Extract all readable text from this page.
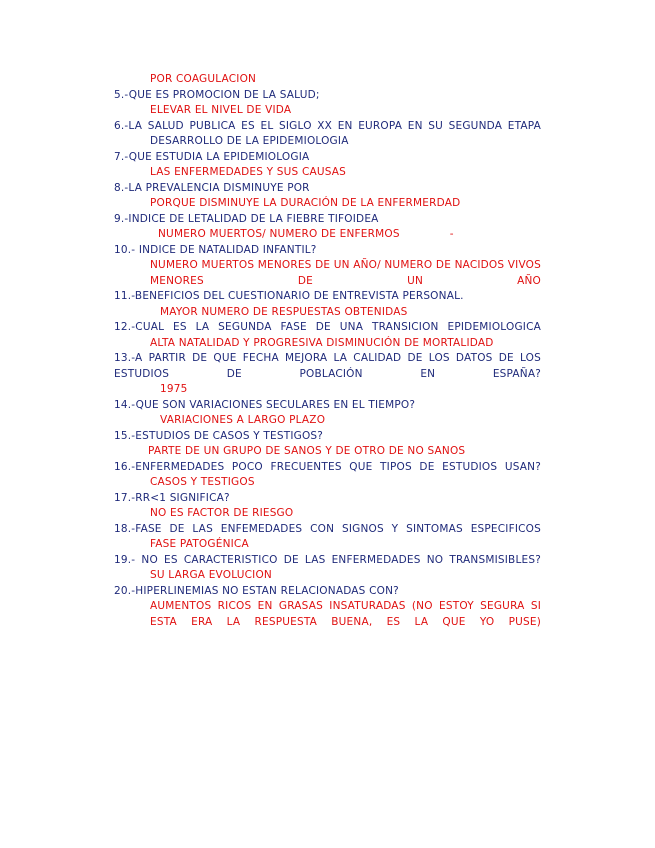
POR COAGULACION
5.-QUE ES PROMOCION DE LA SALUD;
ELEVAR EL NIVEL DE VIDA
6.-LA SALUD PUBLICA ES EL SIGLO XX EN EUROPA EN SU SEGUNDA ETAPA
DESARROLLO DE LA EPIDEMIOLOGIA
7.-QUE ESTUDIA LA EPIDEMIOLOGIA
LAS ENFERMEDADES Y SUS CAUSAS
8.-LA PREVALENCIA DISMINUYE POR
PORQUE DISMINUYE LA DURACIÓN DE LA ENFERMERDAD
9.-INDICE DE LETALIDAD DE LA FIEBRE TIFOIDEA
NUMERO MUERTOS/ NUMERO DE ENFERMOS	-
10.- INDICE DE NATALIDAD INFANTIL?
NUMERO MUERTOS MENORES DE UN AÑO/ NUMERO DE NACIDOS VIVOS MENORES DE UN AÑO
11.-BENEFICIOS DEL CUESTIONARIO DE ENTREVISTA PERSONAL.
MAYOR NUMERO DE RESPUESTAS OBTENIDAS
12.-CUAL ES LA SEGUNDA FASE DE UNA TRANSICION EPIDEMIOLOGICA
ALTA NATALIDAD Y PROGRESIVA DISMINUCIÓN DE MORTALIDAD
13.-A PARTIR DE QUE FECHA MEJORA LA CALIDAD DE LOS DATOS DE LOS ESTUDIOS DE POBLACIÓN EN ESPAÑA?
1975
14.-QUE SON VARIACIONES SECULARES EN EL TIEMPO?
VARIACIONES A LARGO PLAZO
15.-ESTUDIOS DE CASOS Y TESTIGOS?
PARTE DE UN GRUPO DE SANOS Y DE OTRO DE NO SANOS
16.-ENFERMEDADES POCO FRECUENTES QUE TIPOS DE ESTUDIOS USAN?
CASOS Y TESTIGOS
17.-RR<1 SIGNIFICA?
NO ES FACTOR DE RIESGO
18.-FASE DE LAS ENFEMEDADES CON SIGNOS Y SINTOMAS ESPECIFICOS
FASE PATOGÉNICA
19.- NO ES CARACTERISTICO DE LAS ENFERMEDADES NO TRANSMISIBLES?
SU LARGA EVOLUCION
20.-HIPERLINEMIAS NO ESTAN RELACIONADAS CON?
AUMENTOS RICOS EN GRASAS INSATURADAS (NO ESTOY SEGURA SI ESTA ERA LA RESPUESTA BUENA, ES LA QUE YO PUSE)
